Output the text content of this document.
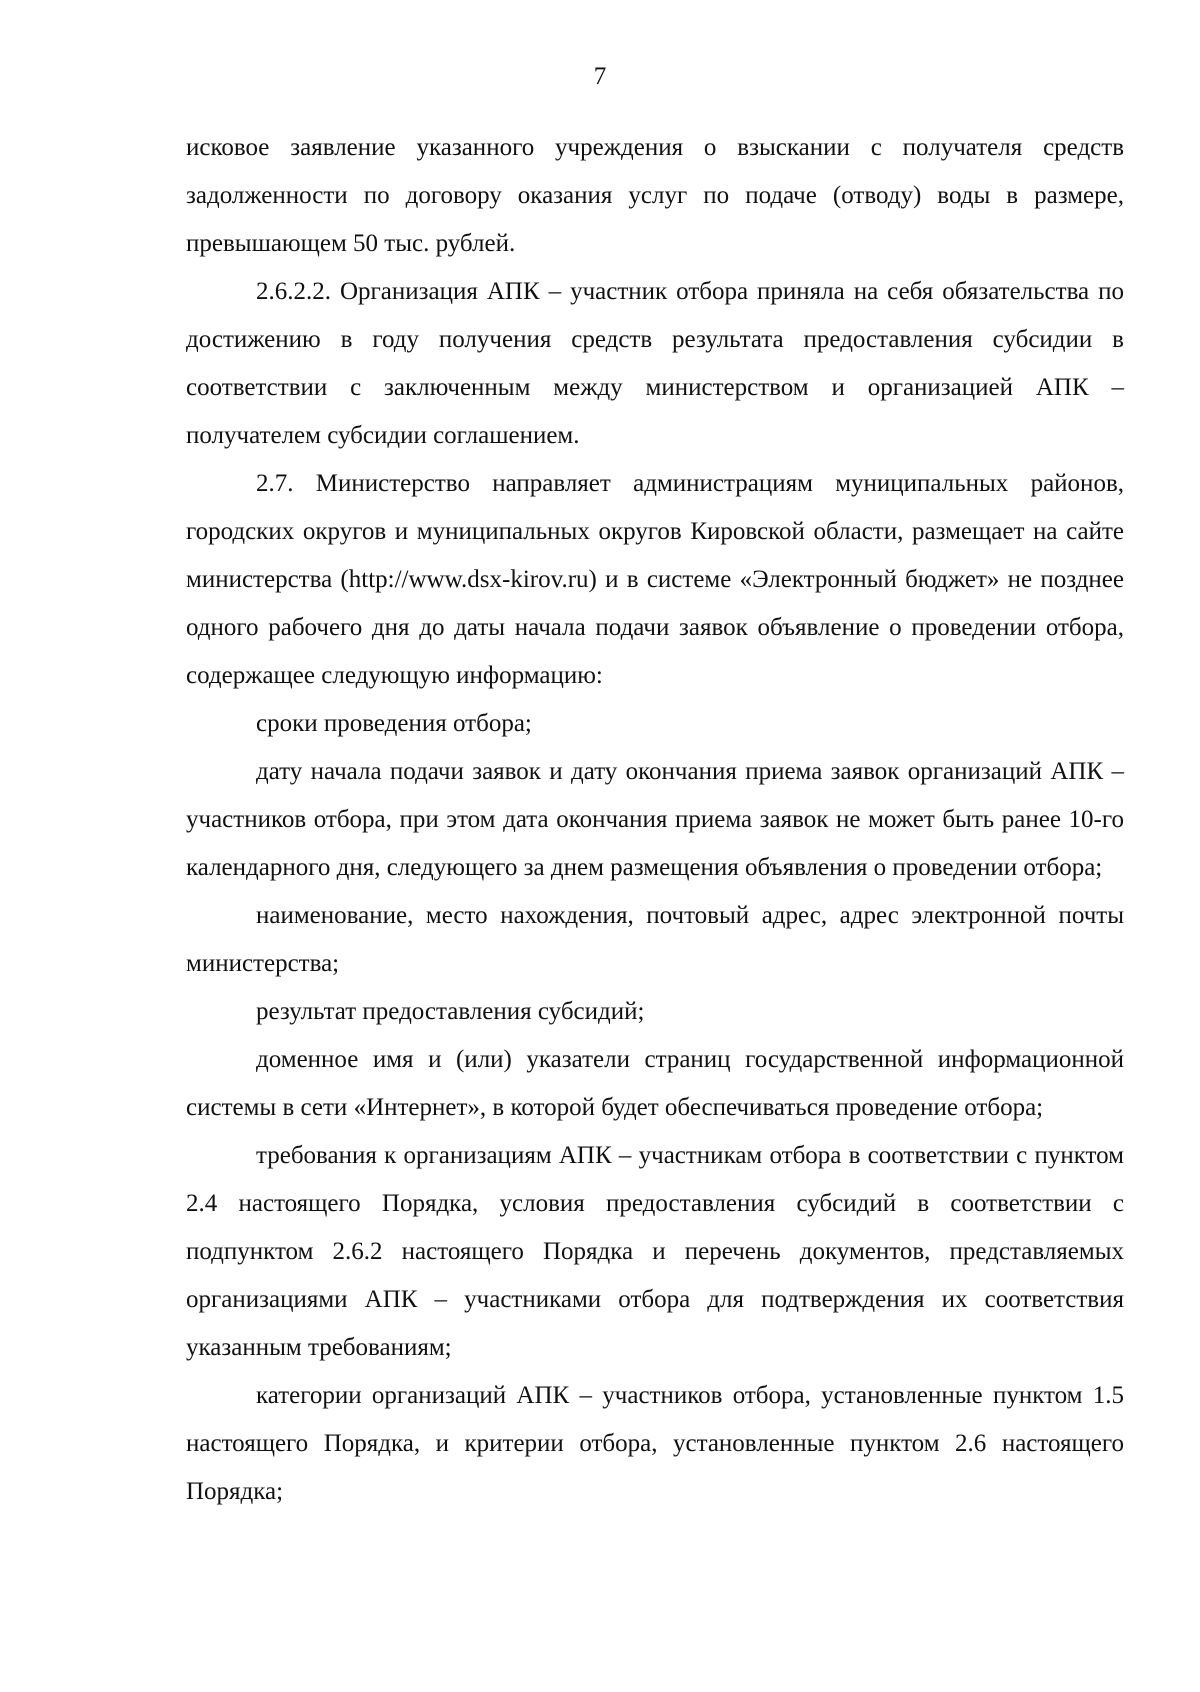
7

исковое заявление указанного учреждения о взыскании с получателя средств задолженности по договору оказания услуг по подаче (отводу) воды в размере, превышающем 50 тыс. рублей.

2.6.2.2. Организация АПК – участник отбора приняла на себя обязательства по достижению в году получения средств результата предоставления субсидии в соответствии с заключенным между министерством и организацией АПК – получателем субсидии соглашением.

2.7. Министерство направляет администрациям муниципальных районов, городских округов и муниципальных округов Кировской области, размещает на сайте министерства (http://www.dsx-kirov.ru) и в системе «Электронный бюджет» не позднее одного рабочего дня до даты начала подачи заявок объявление о проведении отбора, содержащее следующую информацию:

сроки проведения отбора;

дату начала подачи заявок и дату окончания приема заявок организаций АПК – участников отбора, при этом дата окончания приема заявок не может быть ранее 10-го календарного дня, следующего за днем размещения объявления о проведении отбора;

наименование, место нахождения, почтовый адрес, адрес электронной почты министерства;

результат предоставления субсидий;

доменное имя и (или) указатели страниц государственной информационной системы в сети «Интернет», в которой будет обеспечиваться проведение отбора;

требования к организациям АПК – участникам отбора в соответствии с пунктом 2.4 настоящего Порядка, условия предоставления субсидий в соответствии с подпунктом 2.6.2 настоящего Порядка и перечень документов, представляемых организациями АПК – участниками отбора для подтверждения их соответствия указанным требованиям;

категории организаций АПК – участников отбора, установленные пунктом 1.5 настоящего Порядка, и критерии отбора, установленные пунктом 2.6 настоящего Порядка;
